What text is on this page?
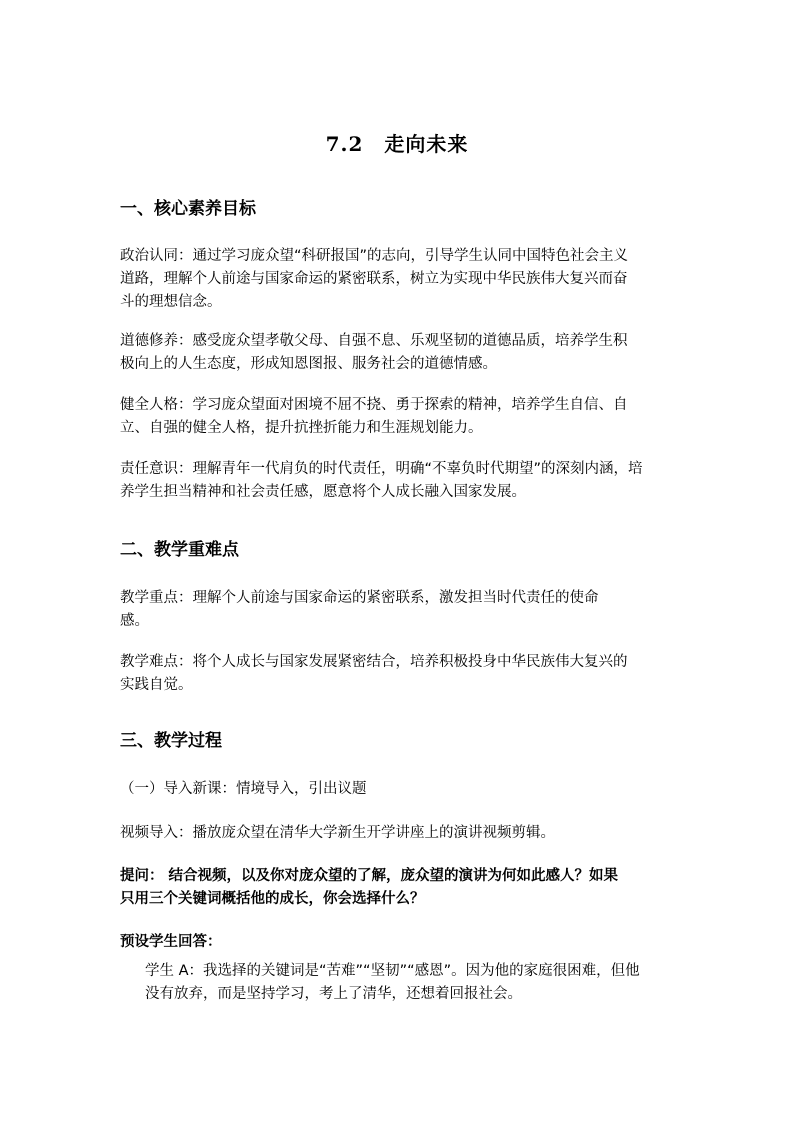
7.2　走向未来
一、核心素养目标
政治认同：通过学习庞众望“科研报国”的志向，引导学生认同中国特色社会主义
道路，理解个人前途与国家命运的紧密联系，树立为实现中华民族伟大复兴而奋
斗的理想信念。
道德修养：感受庞众望孝敬父母、自强不息、乐观坚韧的道德品质，培养学生积
极向上的人生态度，形成知恩图报、服务社会的道德情感。
健全人格：学习庞众望面对困境不屈不挠、勇于探索的精神，培养学生自信、自
立、自强的健全人格，提升抗挫折能力和生涯规划能力。
责任意识：理解青年一代肩负的时代责任，明确“不辜负时代期望”的深刻内涵，培
养学生担当精神和社会责任感，愿意将个人成长融入国家发展。
二、教学重难点
教学重点：理解个人前途与国家命运的紧密联系，激发担当时代责任的使命
感。
教学难点：将个人成长与国家发展紧密结合，培养积极投身中华民族伟大复兴的
实践自觉。
三、教学过程
（一）导入新课：情境导入，引出议题
视频导入：播放庞众望在清华大学新生开学讲座上的演讲视频剪辑。
提问： 结合视频，以及你对庞众望的了解，庞众望的演讲为何如此感人？如果
只用三个关键词概括他的成长，你会选择什么？
预设学生回答：
学生 A：我选择的关键词是“苦难”“坚韧”“感恩”。因为他的家庭很困难，但他
没有放弃，而是坚持学习，考上了清华，还想着回报社会。
